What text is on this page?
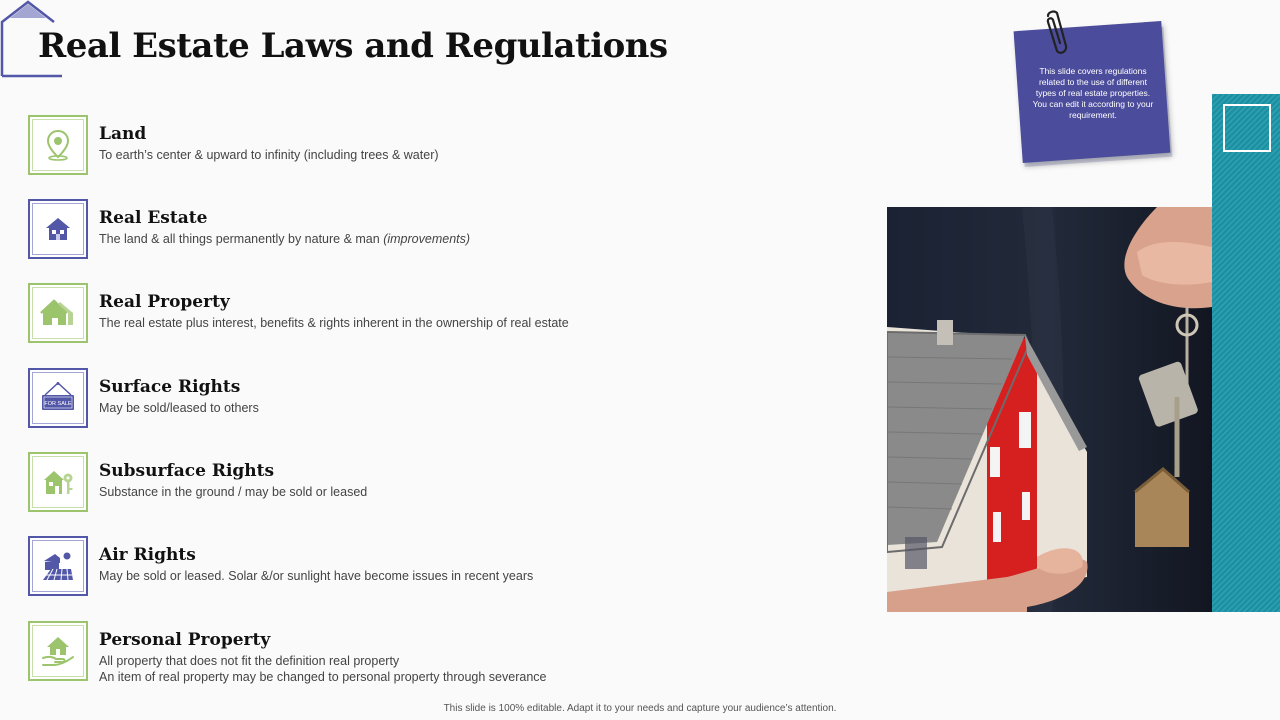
Real Estate Laws and Regulations
Land
To earth’s center & upward to infinity (including trees & water)
Real Estate
The land & all things permanently by nature & man (improvements)
Real Property
The real estate plus interest, benefits & rights inherent in the ownership of real estate
FOR SALE
Surface Rights
May be sold/leased to others
Subsurface Rights
Substance in the ground / may be sold or leased
Air Rights
May be sold or leased. Solar &/or sunlight have become issues in recent years
Personal Property
All property that does not fit the definition real property
An item of real property may be changed to personal property through severance
This slide covers regulations related to the use of different types of real estate properties. You can edit it according to your requirement.
This slide is 100% editable. Adapt it to your needs and capture your audience’s attention.
